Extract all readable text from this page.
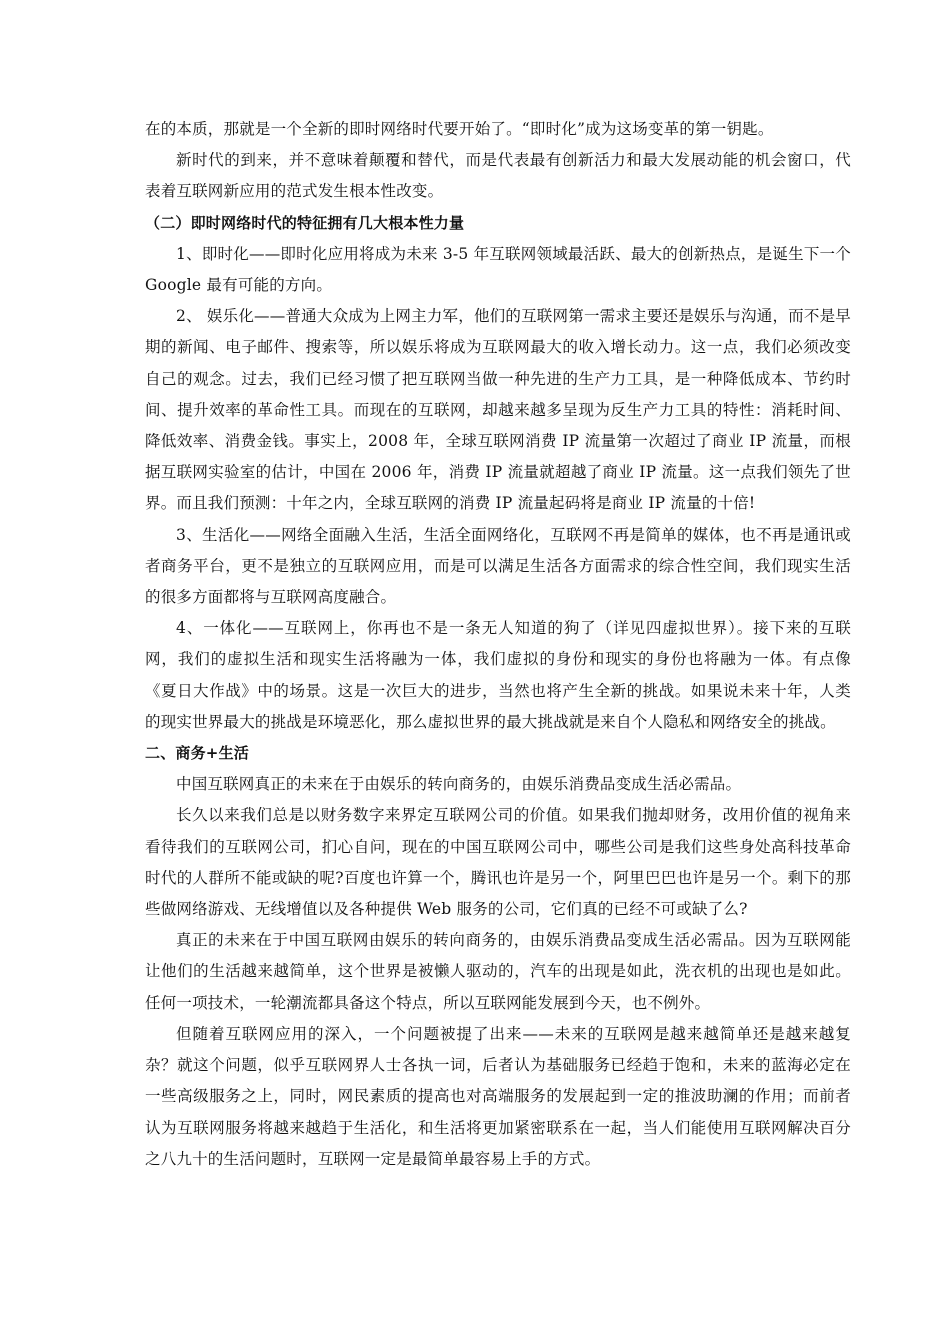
在的本质，那就是一个全新的即时网络时代要开始了。“即时化”成为这场变革的第一钥匙。

新时代的到来，并不意味着颠覆和替代，而是代表最有创新活力和最大发展动能的机会窗口，代表着互联网新应用的范式发生根本性改变。

（二）即时网络时代的特征拥有几大根本性力量

1、即时化——即时化应用将成为未来 3-5 年互联网领域最活跃、最大的创新热点，是诞生下一个 Google 最有可能的方向。

2、 娱乐化——普通大众成为上网主力军，他们的互联网第一需求主要还是娱乐与沟通，而不是早期的新闻、电子邮件、搜索等，所以娱乐将成为互联网最大的收入增长动力。这一点，我们必须改变自己的观念。过去，我们已经习惯了把互联网当做一种先进的生产力工具，是一种降低成本、节约时间、提升效率的革命性工具。而现在的互联网，却越来越多呈现为反生产力工具的特性：消耗时间、降低效率、消费金钱。事实上，2008 年，全球互联网消费 IP 流量第一次超过了商业 IP 流量，而根据互联网实验室的估计，中国在 2006 年，消费 IP 流量就超越了商业 IP 流量。这一点我们领先了世界。而且我们预测：十年之内，全球互联网的消费 IP 流量起码将是商业 IP 流量的十倍!

3、生活化——网络全面融入生活，生活全面网络化，互联网不再是简单的媒体，也不再是通讯或者商务平台，更不是独立的互联网应用，而是可以满足生活各方面需求的综合性空间，我们现实生活的很多方面都将与互联网高度融合。

4、一体化——互联网上，你再也不是一条无人知道的狗了（详见四虚拟世界）。接下来的互联网，我们的虚拟生活和现实生活将融为一体，我们虚拟的身份和现实的身份也将融为一体。有点像《夏日大作战》中的场景。这是一次巨大的进步，当然也将产生全新的挑战。如果说未来十年，人类的现实世界最大的挑战是环境恶化，那么虚拟世界的最大挑战就是来自个人隐私和网络安全的挑战。

二、商务+生活

中国互联网真正的未来在于由娱乐的转向商务的，由娱乐消费品变成生活必需品。

长久以来我们总是以财务数字来界定互联网公司的价值。如果我们抛却财务，改用价值的视角来看待我们的互联网公司，扪心自问，现在的中国互联网公司中，哪些公司是我们这些身处高科技革命时代的人群所不能或缺的呢?百度也许算一个，腾讯也许是另一个，阿里巴巴也许是另一个。剩下的那些做网络游戏、无线增值以及各种提供 Web 服务的公司，它们真的已经不可或缺了么?

真正的未来在于中国互联网由娱乐的转向商务的，由娱乐消费品变成生活必需品。因为互联网能让他们的生活越来越简单，这个世界是被懒人驱动的，汽车的出现是如此，洗衣机的出现也是如此。任何一项技术，一轮潮流都具备这个特点，所以互联网能发展到今天，也不例外。

但随着互联网应用的深入，一个问题被提了出来——未来的互联网是越来越简单还是越来越复杂？就这个问题，似乎互联网界人士各执一词，后者认为基础服务已经趋于饱和，未来的蓝海必定在一些高级服务之上，同时，网民素质的提高也对高端服务的发展起到一定的推波助澜的作用；而前者认为互联网服务将越来越趋于生活化，和生活将更加紧密联系在一起，当人们能使用互联网解决百分之八九十的生活问题时，互联网一定是最简单最容易上手的方式。
